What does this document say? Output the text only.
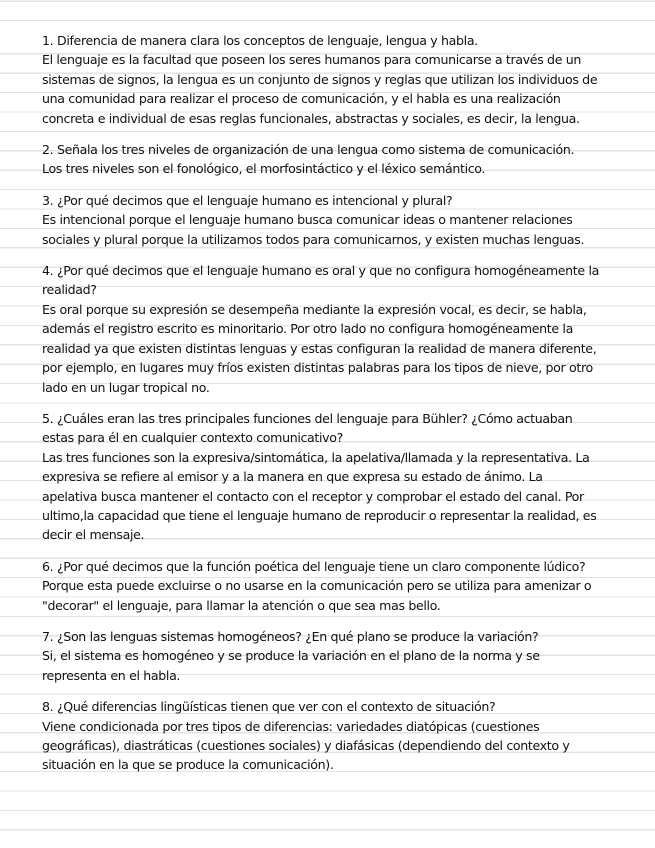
1. Diferencia de manera clara los conceptos de lenguaje, lengua y habla.
El lenguaje es la facultad que poseen los seres humanos para comunicarse a través de un
sistemas de signos, la lengua es un conjunto de signos y reglas que utilizan los individuos de
una comunidad para realizar el proceso de comunicación, y el habla es una realización
concreta e individual de esas reglas funcionales, abstractas y sociales, es decir, la lengua.
2. Señala los tres niveles de organización de una lengua como sistema de comunicación.
Los tres niveles son el fonológico, el morfosintáctico y el léxico semántico.
3. ¿Por qué decimos que el lenguaje humano es intencional y plural?
Es intencional porque el lenguaje humano busca comunicar ideas o mantener relaciones
sociales y plural porque la utilizamos todos para comunicarnos, y existen muchas lenguas.
4. ¿Por qué decimos que el lenguaje humano es oral y que no configura homogéneamente la
realidad?
Es oral porque su expresión se desempeña mediante la expresión vocal, es decir, se habla,
además el registro escrito es minoritario. Por otro lado no configura homogéneamente la
realidad ya que existen distintas lenguas y estas configuran la realidad de manera diferente,
por ejemplo, en lugares muy fríos existen distintas palabras para los tipos de nieve, por otro
lado en un lugar tropical no.
5. ¿Cuáles eran las tres principales funciones del lenguaje para Bühler? ¿Cómo actuaban
estas para él en cualquier contexto comunicativo?
Las tres funciones son la expresiva/sintomática, la apelativa/llamada y la representativa. La
expresiva se refiere al emisor y a la manera en que expresa su estado de ánimo. La
apelativa busca mantener el contacto con el receptor y comprobar el estado del canal. Por
ultimo,la capacidad que tiene el lenguaje humano de reproducir o representar la realidad, es
decir el mensaje.
6. ¿Por qué decimos que la función poética del lenguaje tiene un claro componente lúdico?
Porque esta puede excluirse o no usarse en la comunicación pero se utiliza para amenizar o
"decorar" el lenguaje, para llamar la atención o que sea mas bello.
7. ¿Son las lenguas sistemas homogéneos? ¿En qué plano se produce la variación?
Si, el sistema es homogéneo y se produce la variación en el plano de la norma y se
representa en el habla.
8. ¿Qué diferencias lingüísticas tienen que ver con el contexto de situación?
Viene condicionada por tres tipos de diferencias: variedades diatópicas (cuestiones
geográficas), diastráticas (cuestiones sociales) y diafásicas (dependiendo del contexto y
situación en la que se produce la comunicación).
